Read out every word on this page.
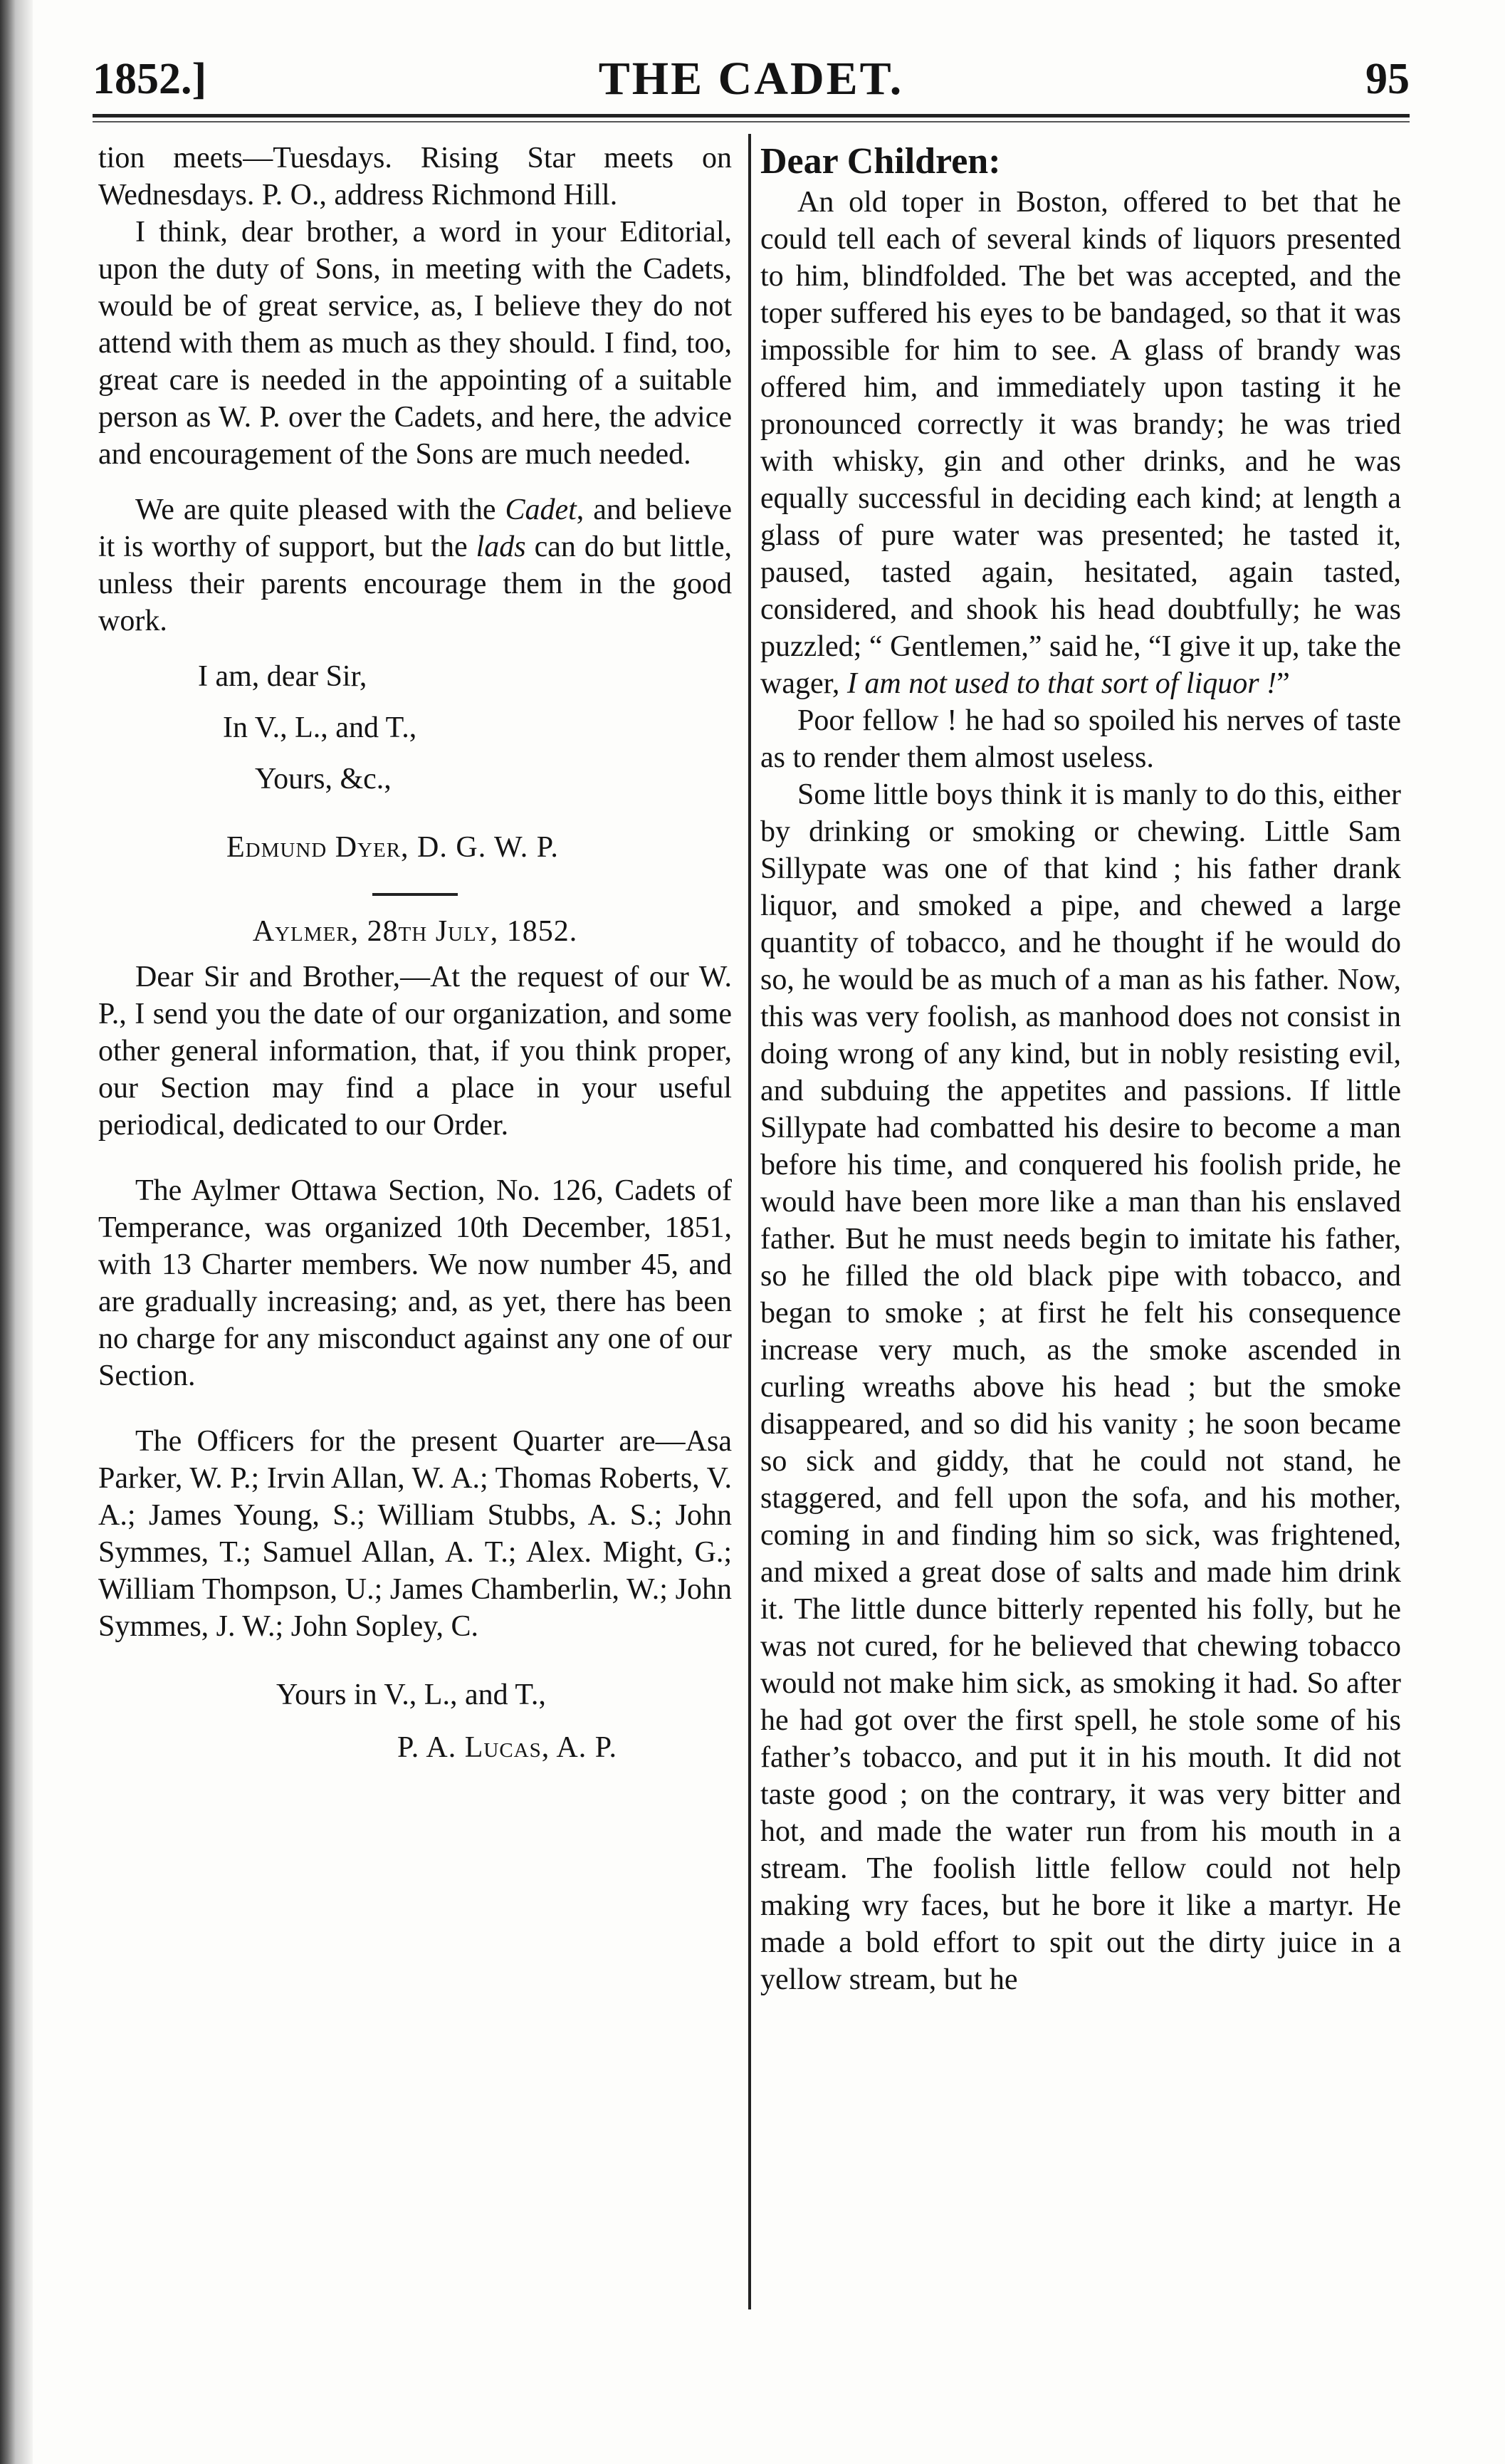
1852.]	THE CADET.	95

tion meets—Tuesdays. Rising Star meets on Wednesdays. P. O., address Richmond Hill.

I think, dear brother, a word in your Editorial, upon the duty of Sons, in meeting with the Cadets, would be of great service, as, I believe they do not attend with them as much as they should. I find, too, great care is needed in the appointing of a suitable person as W. P. over the Cadets, and here, the advice and encouragement of the Sons are much needed.

We are quite pleased with the Cadet, and believe it is worthy of support, but the lads can do but little, unless their parents encourage them in the good work.

I am, dear Sir,

In V., L., and T.,

Yours, &c.,

Edmund Dyer, D. G. W. P.

Aylmer, 28th July, 1852.

Dear Sir and Brother,—At the request of our W. P., I send you the date of our organization, and some other general information, that, if you think proper, our Section may find a place in your useful periodical, dedicated to our Order.

The Aylmer Ottawa Section, No. 126, Cadets of Temperance, was organized 10th December, 1851, with 13 Charter members. We now number 45, and are gradually increasing; and, as yet, there has been no charge for any misconduct against any one of our Section.

The Officers for the present Quarter are—Asa Parker, W. P.; Irvin Allan, W. A.; Thomas Roberts, V. A.; James Young, S.; William Stubbs, A. S.; John Symmes, T.; Samuel Allan, A. T.; Alex. Might, G.; William Thompson, U.; James Chamberlin, W.; John Symmes, J. W.; John Sopley, C.

Yours in V., L., and T.,

P. A. Lucas, A. P.

Dear Children:

An old toper in Boston, offered to bet that he could tell each of several kinds of liquors presented to him, blindfolded. The bet was accepted, and the toper suffered his eyes to be bandaged, so that it was impossible for him to see. A glass of brandy was offered him, and immediately upon tasting it he pronounced correctly it was brandy; he was tried with whisky, gin and other drinks, and he was equally successful in deciding each kind; at length a glass of pure water was presented; he tasted it, paused, tasted again, hesitated, again tasted, considered, and shook his head doubtfully; he was puzzled; “ Gentlemen,” said he, “I give it up, take the wager, I am not used to that sort of liquor !”

Poor fellow ! he had so spoiled his nerves of taste as to render them almost useless.

Some little boys think it is manly to do this, either by drinking or smoking or chewing. Little Sam Sillypate was one of that kind ; his father drank liquor, and smoked a pipe, and chewed a large quantity of tobacco, and he thought if he would do so, he would be as much of a man as his father. Now, this was very foolish, as manhood does not consist in doing wrong of any kind, but in nobly resisting evil, and subduing the appetites and passions. If little Sillypate had combatted his desire to become a man before his time, and conquered his foolish pride, he would have been more like a man than his enslaved father. But he must needs begin to imitate his father, so he filled the old black pipe with tobacco, and began to smoke ; at first he felt his consequence increase very much, as the smoke ascended in curling wreaths above his head ; but the smoke disappeared, and so did his vanity ; he soon became so sick and giddy, that he could not stand, he staggered, and fell upon the sofa, and his mother, coming in and finding him so sick, was frightened, and mixed a great dose of salts and made him drink it. The little dunce bitterly repented his folly, but he was not cured, for he believed that chewing tobacco would not make him sick, as smoking it had. So after he had got over the first spell, he stole some of his father’s tobacco, and put it in his mouth. It did not taste good ; on the contrary, it was very bitter and hot, and made the water run from his mouth in a stream. The foolish little fellow could not help making wry faces, but he bore it like a martyr. He made a bold effort to spit out the dirty juice in a yellow stream, but he
